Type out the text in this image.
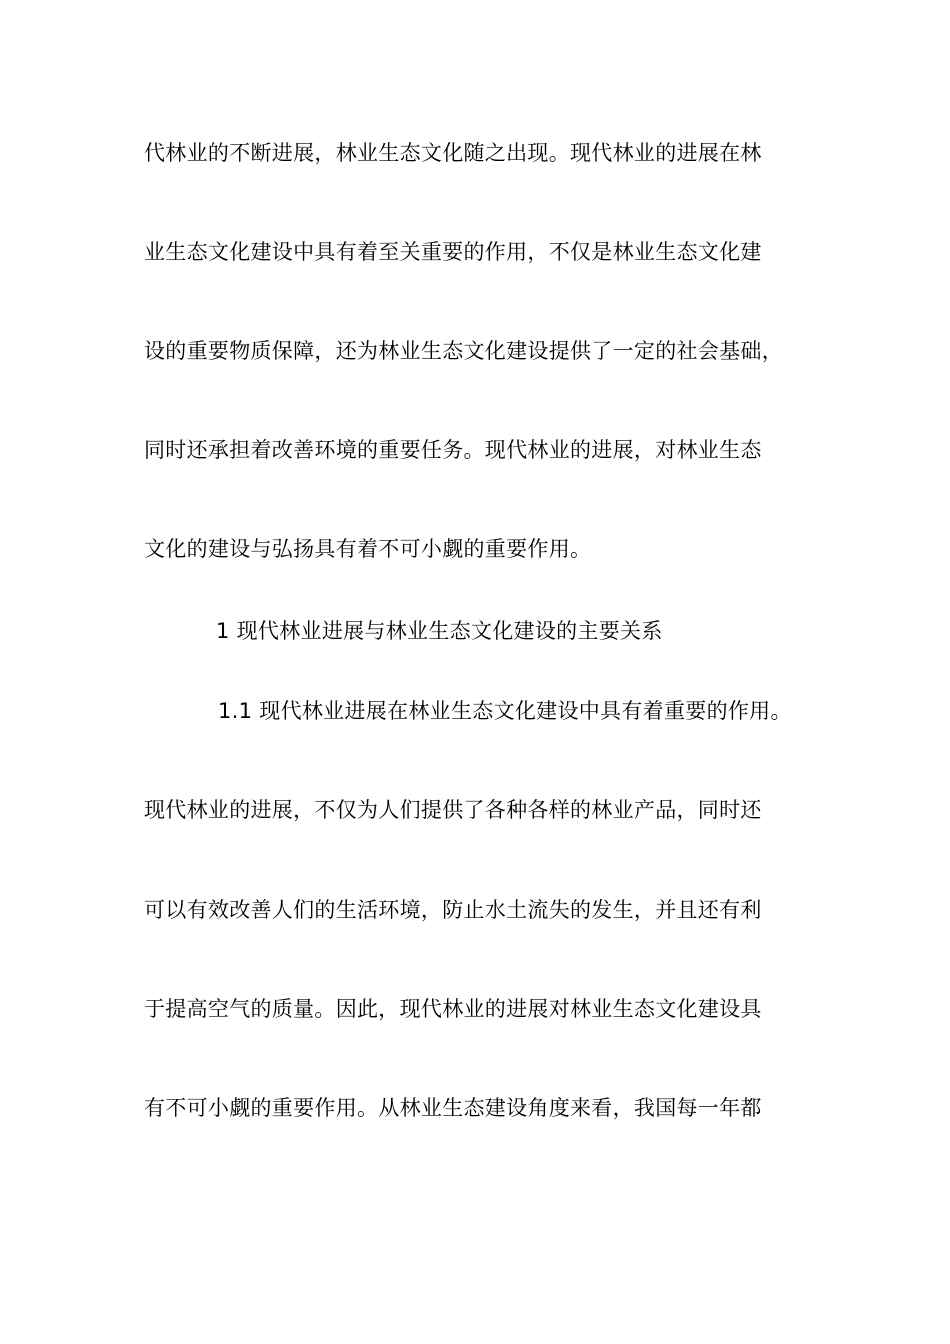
代林业的不断进展，林业生态文化随之出现。现代林业的进展在林
业生态文化建设中具有着至关重要的作用，不仅是林业生态文化建
设的重要物质保障，还为林业生态文化建设提供了一定的社会基础，
同时还承担着改善环境的重要任务。现代林业的进展，对林业生态
文化的建设与弘扬具有着不可小觑的重要作用。
1 现代林业进展与林业生态文化建设的主要关系
1.1 现代林业进展在林业生态文化建设中具有着重要的作用。
现代林业的进展，不仅为人们提供了各种各样的林业产品，同时还
可以有效改善人们的生活环境，防止水土流失的发生，并且还有利
于提高空气的质量。因此，现代林业的进展对林业生态文化建设具
有不可小觑的重要作用。从林业生态建设角度来看，我国每一年都
